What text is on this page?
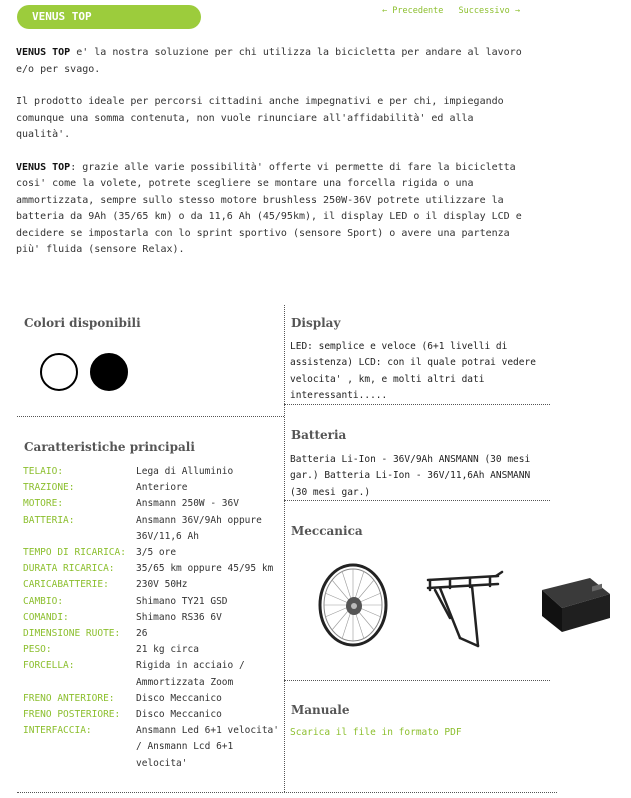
VENUS TOP	← Precedente Successivo →

VENUS TOP e' la nostra soluzione per chi utilizza la bicicletta per andare al lavoro e/o per svago.

Il prodotto ideale per percorsi cittadini anche impegnativi e per chi, impiegando comunque una somma contenuta, non vuole rinunciare all'affidabilità' ed alla qualità'.

VENUS TOP: grazie alle varie possibilità' offerte vi permette di fare la bicicletta cosi' come la volete, potrete scegliere se montare una forcella rigida o una ammortizzata, sempre sullo stesso motore brushless 250W-36V potrete utilizzare la batteria da 9Ah (35/65 km) o da 11,6 Ah (45/95km), il display LED o il display LCD e decidere se impostarla con lo sprint sportivo (sensore Sport) o avere una partenza più' fluida (sensore Relax).

Colori disponibili
Caratteristiche principali
TELAIO:	Lega di Alluminio
TRAZIONE:	Anteriore
MOTORE:	Ansmann 250W - 36V
BATTERIA:	Ansmann 36V/9Ah oppure 36V/11,6 Ah
TEMPO DI RICARICA:	3/5 ore
DURATA RICARICA:	35/65 km oppure 45/95 km
CARICABATTERIE:	230V 50Hz
CAMBIO:	Shimano TY21 GSD
COMANDI:	Shimano RS36 6V
DIMENSIONE RUOTE:	26
PESO:	21 kg circa
FORCELLA:	Rigida in acciaio / Ammortizzata Zoom
FRENO ANTERIORE:	Disco Meccanico
FRENO POSTERIORE:	Disco Meccanico
INTERFACCIA:	Ansmann Led 6+1 velocita' / Ansmann Lcd 6+1 velocita'
Display
LED: semplice e veloce (6+1 livelli di assistenza) LCD: con il quale potrai vedere velocita' , km, e molti altri dati interessanti.....
Batteria
Batteria Li-Ion - 36V/9Ah ANSMANN (30 mesi gar.) Batteria Li-Ion - 36V/11,6Ah ANSMANN (30 mesi gar.)
Meccanica
Manuale
Scarica il file in formato PDF
